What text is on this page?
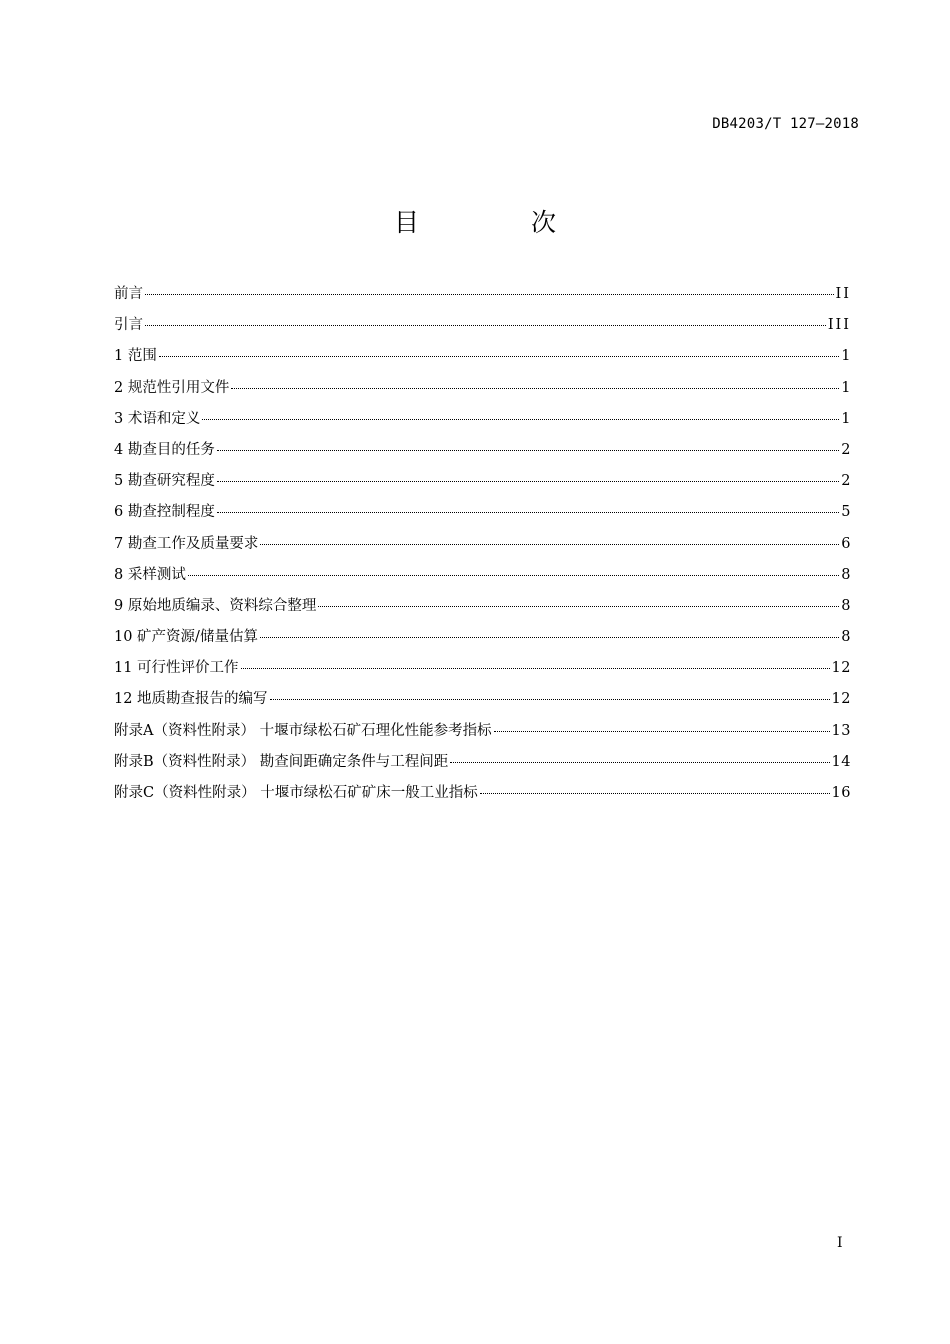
DB4203/T 127—2018
目 次
前言	II
引言	III
1 范围	1
2 规范性引用文件	1
3 术语和定义	1
4 勘查目的任务	2
5 勘查研究程度	2
6 勘查控制程度	5
7 勘查工作及质量要求	6
8 采样测试	8
9 原始地质编录、资料综合整理	8
10 矿产资源/储量估算	8
11 可行性评价工作	12
12 地质勘查报告的编写	12
附录A（资料性附录） 十堰市绿松石矿石理化性能参考指标	13
附录B（资料性附录） 勘查间距确定条件与工程间距	14
附录C（资料性附录） 十堰市绿松石矿矿床一般工业指标	16
I
